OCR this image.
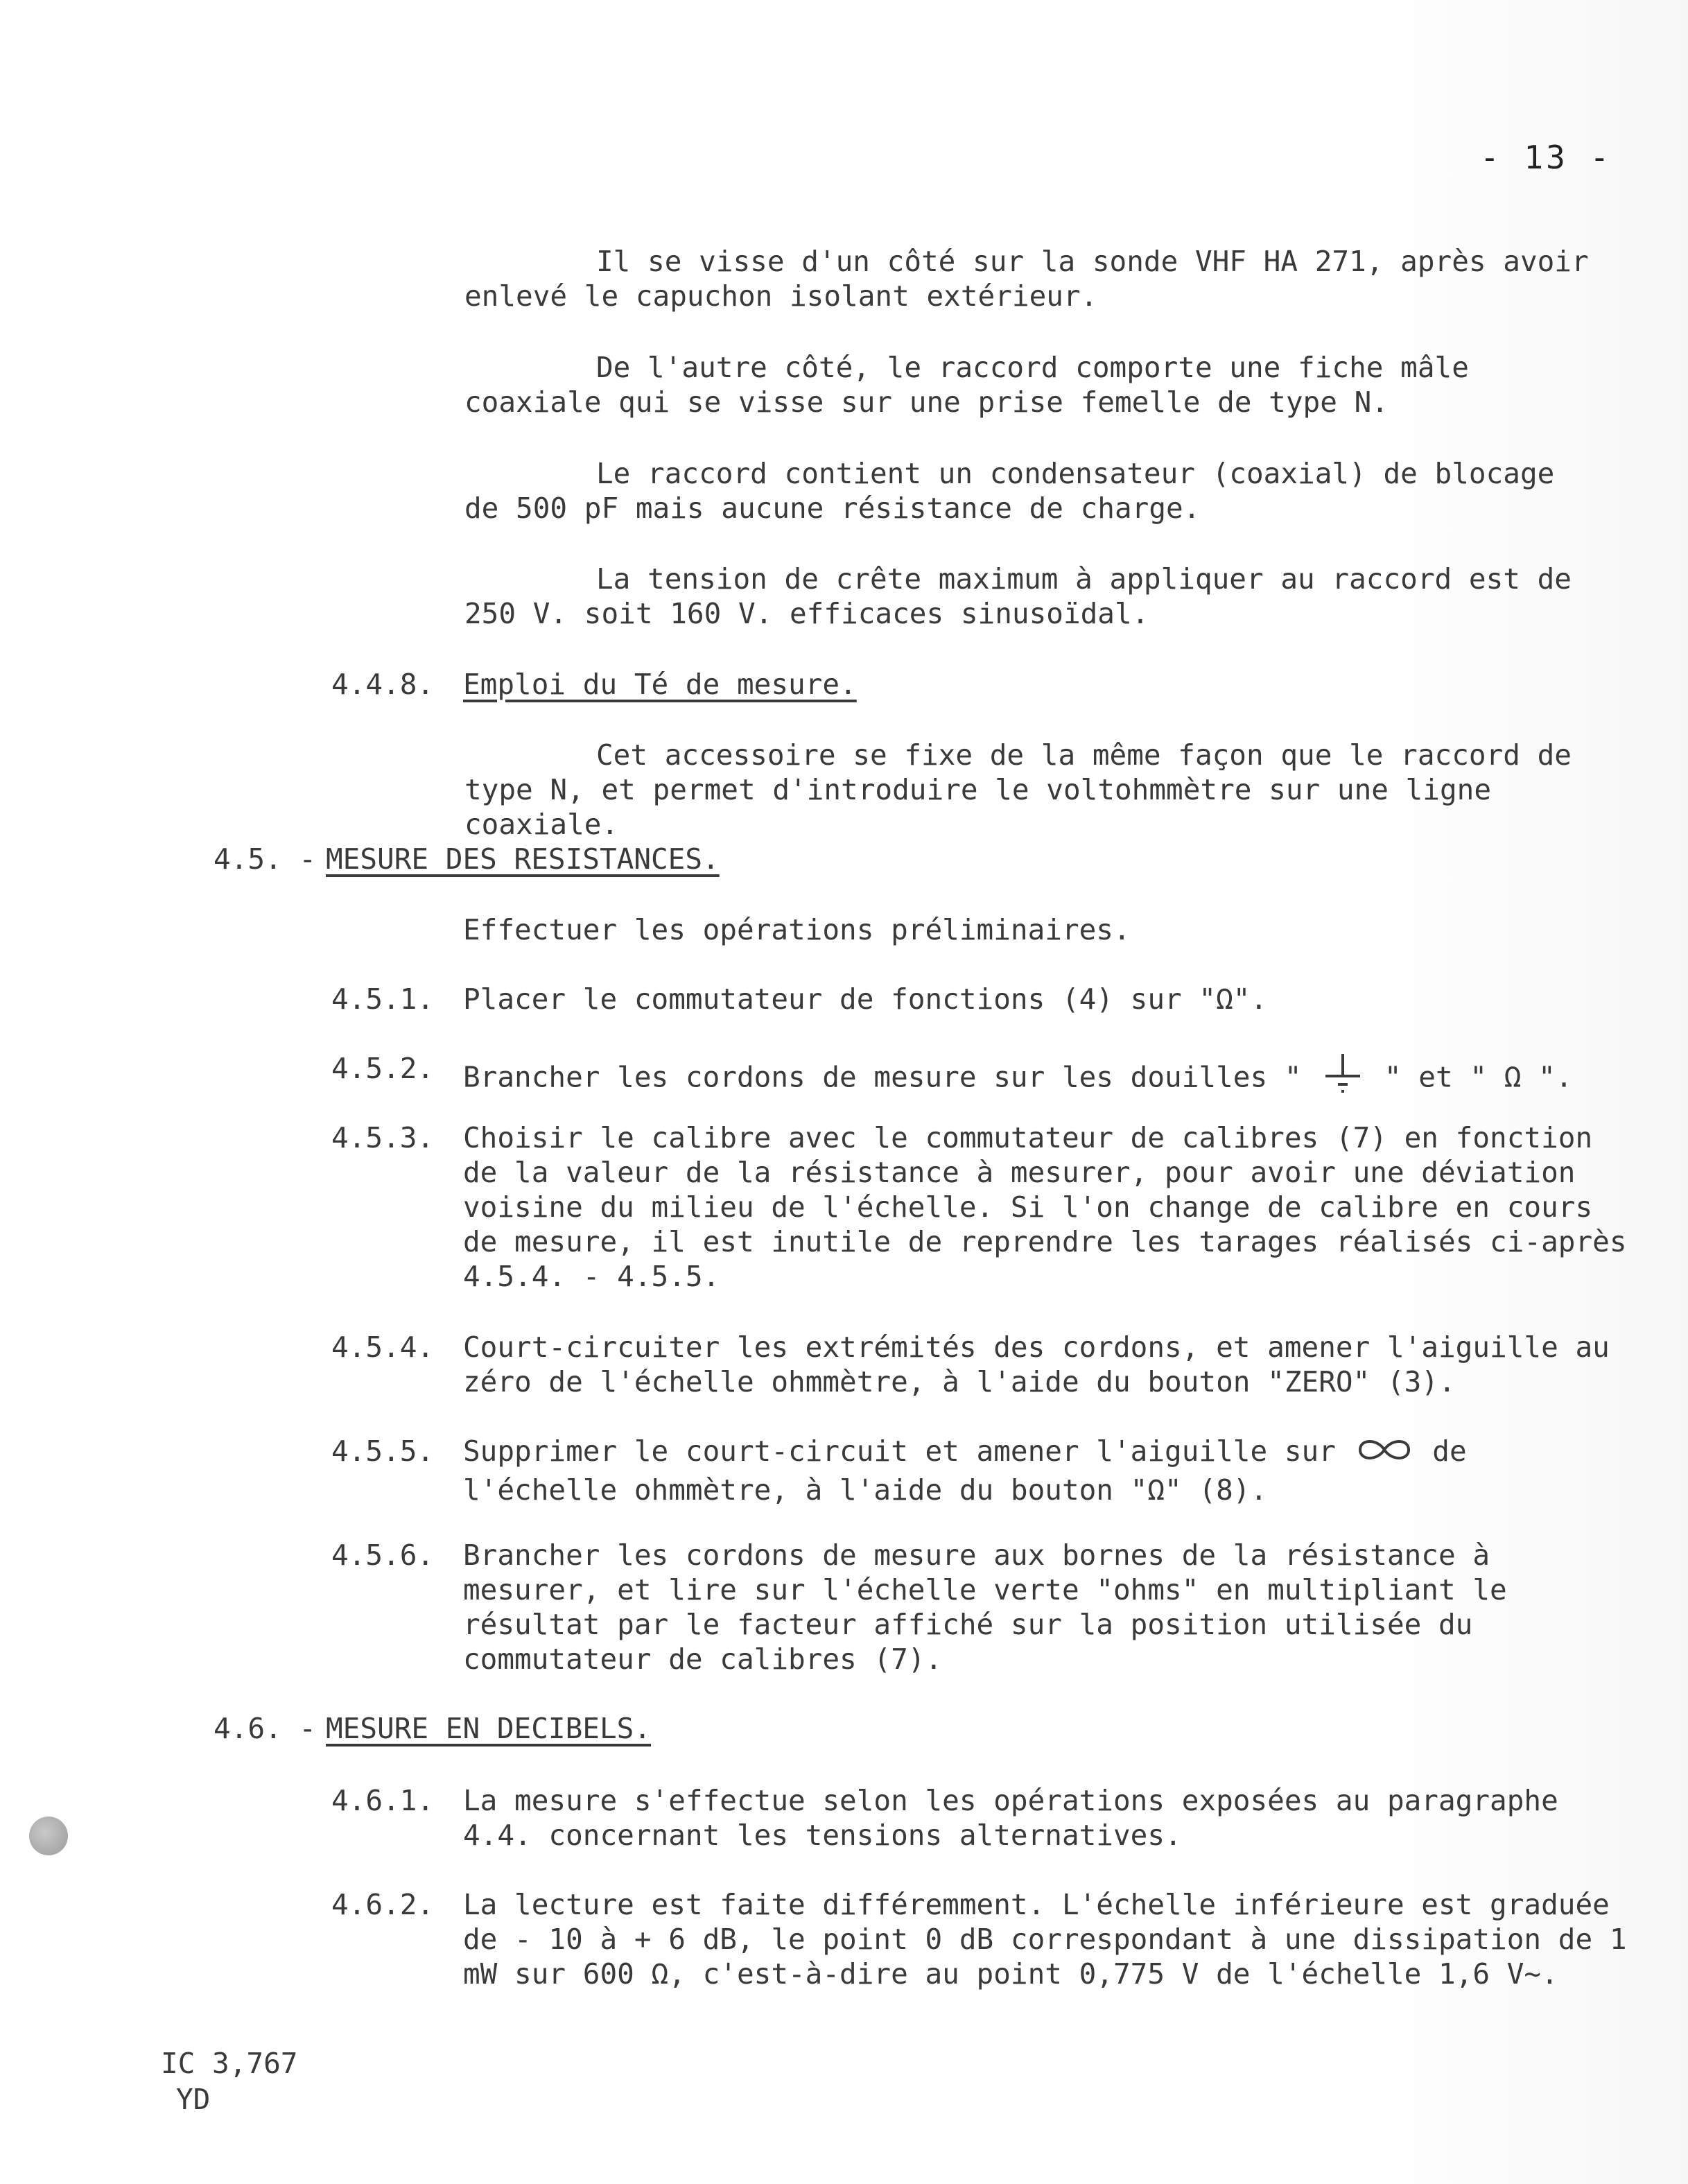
- 13 -
Il se visse d'un côté sur la sonde VHF HA 271, après avoir enlevé le capuchon isolant extérieur.
De l'autre côté, le raccord comporte une fiche mâle coaxiale qui se visse sur une prise femelle de type N.
Le raccord contient un condensateur (coaxial) de blocage de 500 pF mais aucune résistance de charge.
La tension de crête maximum à appliquer au raccord est de 250 V. soit 160 V. efficaces sinusoïdal.
4.4.8. Emploi du Té de mesure.
Cet accessoire se fixe de la même façon que le raccord de type N, et permet d'introduire le voltohmmètre sur une ligne coaxiale.
4.5. - MESURE DES RESISTANCES.
Effectuer les opérations préliminaires.
4.5.1. Placer le commutateur de fonctions (4) sur "Ω".
4.5.2. Brancher les cordons de mesure sur les douilles "	" et " Ω ".
4.5.3. Choisir le calibre avec le commutateur de calibres (7) en fonction de la valeur de la résistance à mesurer, pour avoir une déviation voisine du milieu de l'échelle. Si l'on change de calibre en cours de mesure, il est inutile de reprendre les tarages réalisés ci-après 4.5.4. - 4.5.5.
4.5.4. Court-circuiter les extrémités des cordons, et amener l'aiguille au zéro de l'échelle ohmmètre, à l'aide du bouton "ZERO" (3).
4.5.5. Supprimer le court-circuit et amener l'aiguille sur	de l'échelle ohmmètre, à l'aide du bouton "Ω" (8).
4.5.6. Brancher les cordons de mesure aux bornes de la résistance à mesurer, et lire sur l'échelle verte "ohms" en multipliant le résultat par le facteur affiché sur la position utilisée du commutateur de calibres (7).
4.6. - MESURE EN DECIBELS.
4.6.1. La mesure s'effectue selon les opérations exposées au paragraphe 4.4. concernant les tensions alternatives.
4.6.2. La lecture est faite différemment. L'échelle inférieure est graduée de - 10 à + 6 dB, le point 0 dB correspondant à une dissipation de 1 mW sur 600 Ω, c'est-à-dire au point 0,775 V de l'échelle 1,6 V~.
IC 3,767
YD
